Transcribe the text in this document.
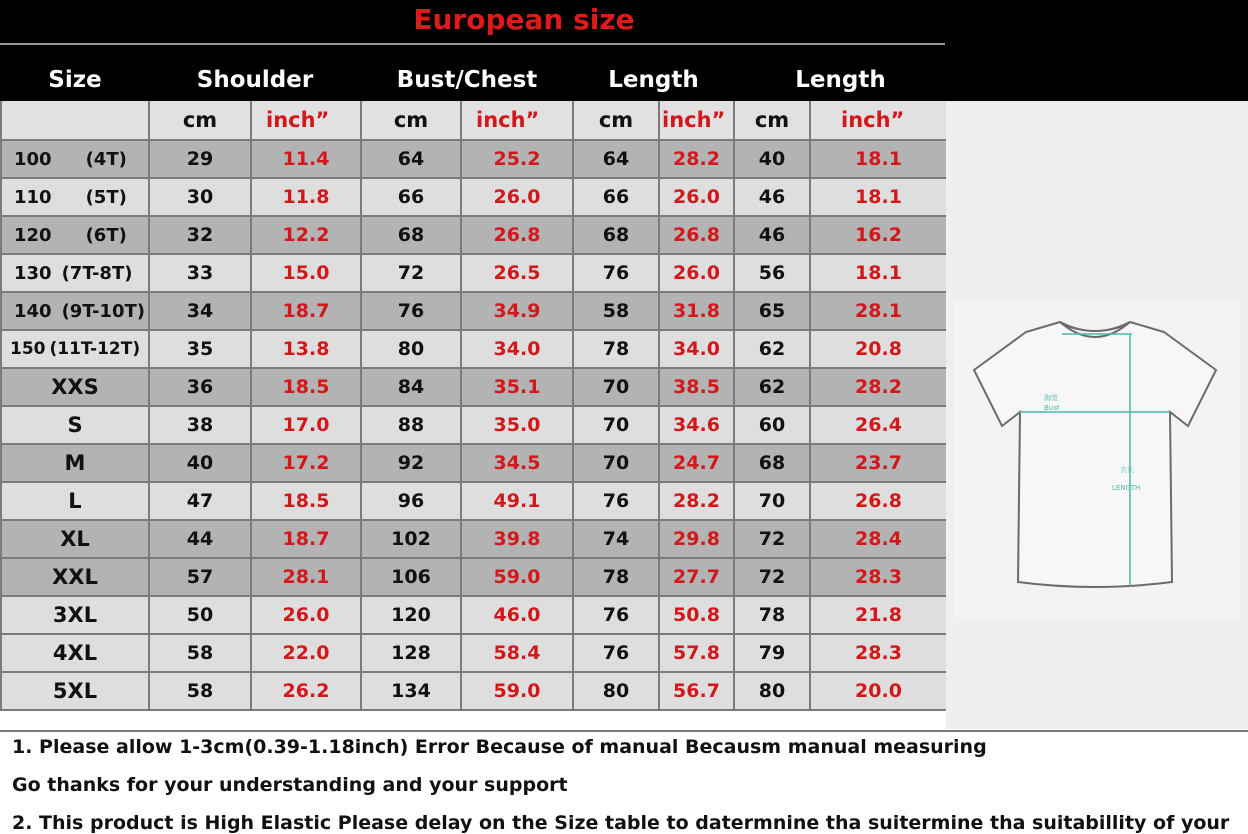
European size
Size	Shoulder		Bust/Chest		Length		Length	
	cm	inch”	cm	inch”	cm	inch”	cm	inch”
100 (4T)	29	11.4	64	25.2	64	28.2	40	18.1
110 (5T)	30	11.8	66	26.0	66	26.0	46	18.1
120 (6T)	32	12.2	68	26.8	68	26.8	46	16.2
130 (7T-8T)	33	15.0	72	26.5	76	26.0	56	18.1
140 (9T-10T)	34	18.7	76	34.9	58	31.8	65	28.1
150 (11T-12T)	35	13.8	80	34.0	78	34.0	62	20.8
XXS	36	18.5	84	35.1	70	38.5	62	28.2
S	38	17.0	88	35.0	70	34.6	60	26.4
M	40	17.2	92	34.5	70	24.7	68	23.7
L	47	18.5	96	49.1	76	28.2	70	26.8
XL	44	18.7	102	39.8	74	29.8	72	28.4
XXL	57	28.1	106	59.0	78	27.7	72	28.3
3XL	50	26.0	120	46.0	76	50.8	78	21.8
4XL	58	22.0	128	58.4	76	57.8	79	28.3
5XL	58	26.2	134	59.0	80	56.7	80	20.0
胸宽
Bust
衣长
LENGTH
1. Please allow 1-3cm(0.39-1.18inch) Error Because of manual Becausm manual measuring
Go thanks for your understanding and your support
2. This product is High Elastic Please delay on the Size table to datermnine tha suitermine tha suitabillity of your
